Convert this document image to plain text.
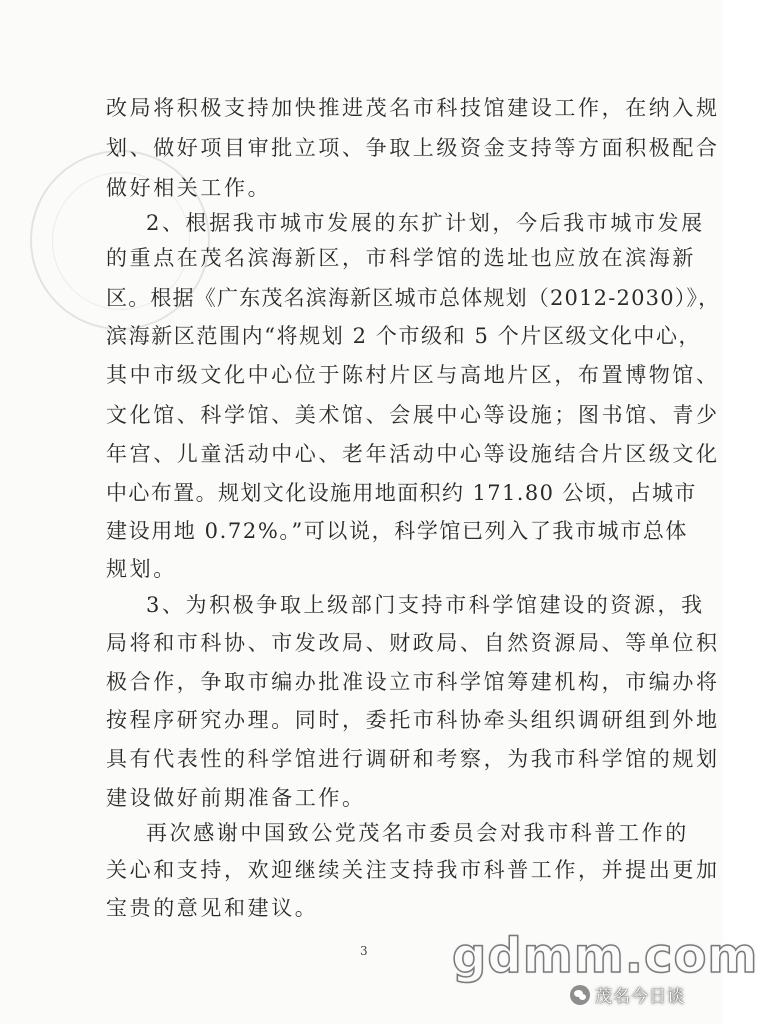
改局将积极支持加快推进茂名市科技馆建设工作，在纳入规
划、做好项目审批立项、争取上级资金支持等方面积极配合
做好相关工作。
2、根据我市城市发展的东扩计划，今后我市城市发展
的重点在茂名滨海新区，市科学馆的选址也应放在滨海新
区。根据《广东茂名滨海新区城市总体规划（2012-2030）》，
滨海新区范围内“将规划 2 个市级和 5 个片区级文化中心，
其中市级文化中心位于陈村片区与高地片区，布置博物馆、
文化馆、科学馆、美术馆、会展中心等设施；图书馆、青少
年宫、儿童活动中心、老年活动中心等设施结合片区级文化
中心布置。规划文化设施用地面积约 171.80 公顷，占城市
建设用地 0.72%。”可以说，科学馆已列入了我市城市总体
规划。
3、为积极争取上级部门支持市科学馆建设的资源，我
局将和市科协、市发改局、财政局、自然资源局、等单位积
极合作，争取市编办批准设立市科学馆筹建机构，市编办将
按程序研究办理。同时，委托市科协牵头组织调研组到外地
具有代表性的科学馆进行调研和考察，为我市科学馆的规划
建设做好前期准备工作。
再次感谢中国致公党茂名市委员会对我市科普工作的
关心和支持，欢迎继续关注支持我市科普工作，并提出更加
宝贵的意见和建议。
3 gdmm.com
茂名今日谈
